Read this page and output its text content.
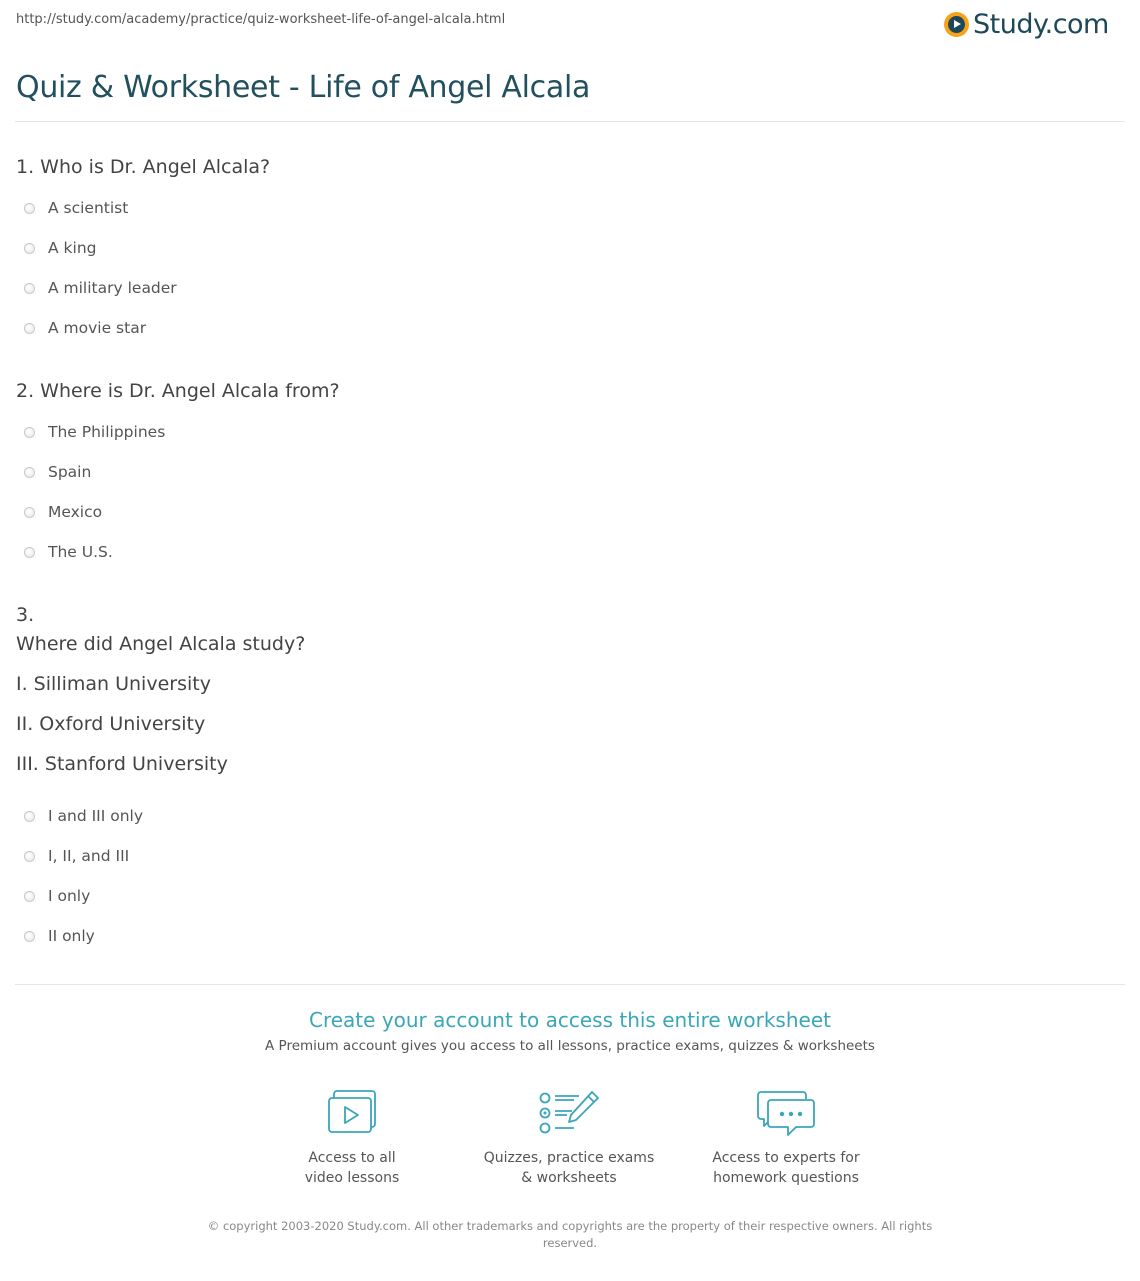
http://study.com/academy/practice/quiz-worksheet-life-of-angel-alcala.html	Study.com
Quiz & Worksheet - Life of Angel Alcala
1. Who is Dr. Angel Alcala?
A scientist
A king
A military leader
A movie star
2. Where is Dr. Angel Alcala from?
The Philippines
Spain
Mexico
The U.S.
3.
Where did Angel Alcala study?
I. Silliman University
II. Oxford University
III. Stanford University
I and III only
I, II, and III
I only
II only
Create your account to access this entire worksheet
A Premium account gives you access to all lessons, practice exams, quizzes & worksheets
Access to all
video lessons
Quizzes, practice exams
& worksheets
Access to experts for
homework questions
© copyright 2003-2020 Study.com. All other trademarks and copyrights are the property of their respective owners. All rights
reserved.
